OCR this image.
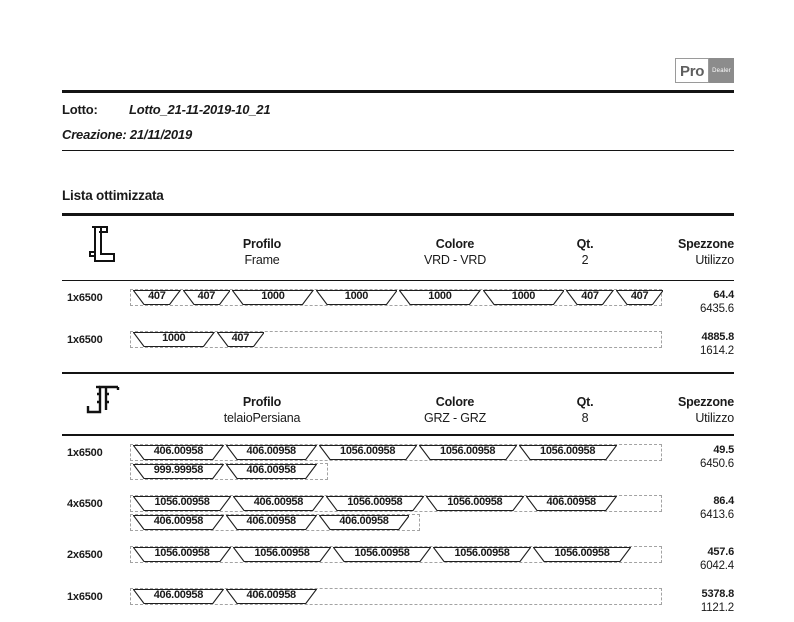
Pro	Dealer
Lotto: Lotto_21-11-2019-10_21
Creazione: 21/11/2019
Lista ottimizzata
Profilo
Frame
Colore
VRD - VRD
Qt.
2
Spezzone
Utilizzo
1x6500	407	407	1000	1000	1000	1000	407	407	64.4
6435.6
1x6500	1000	407	4885.8
1614.2
Profilo
telaioPersiana
Colore
GRZ - GRZ
Qt.
8
Spezzone
Utilizzo
1x6500	406.00958	406.00958	1056.00958	1056.00958	1056.00958
999.99958	406.00958
49.5
6450.6
4x6500	1056.00958	406.00958	1056.00958	1056.00958	406.00958
406.00958	406.00958	406.00958
86.4
6413.6
2x6500	1056.00958	1056.00958	1056.00958	1056.00958	1056.00958	457.6
6042.4
1x6500	406.00958	406.00958	5378.8
1121.2
